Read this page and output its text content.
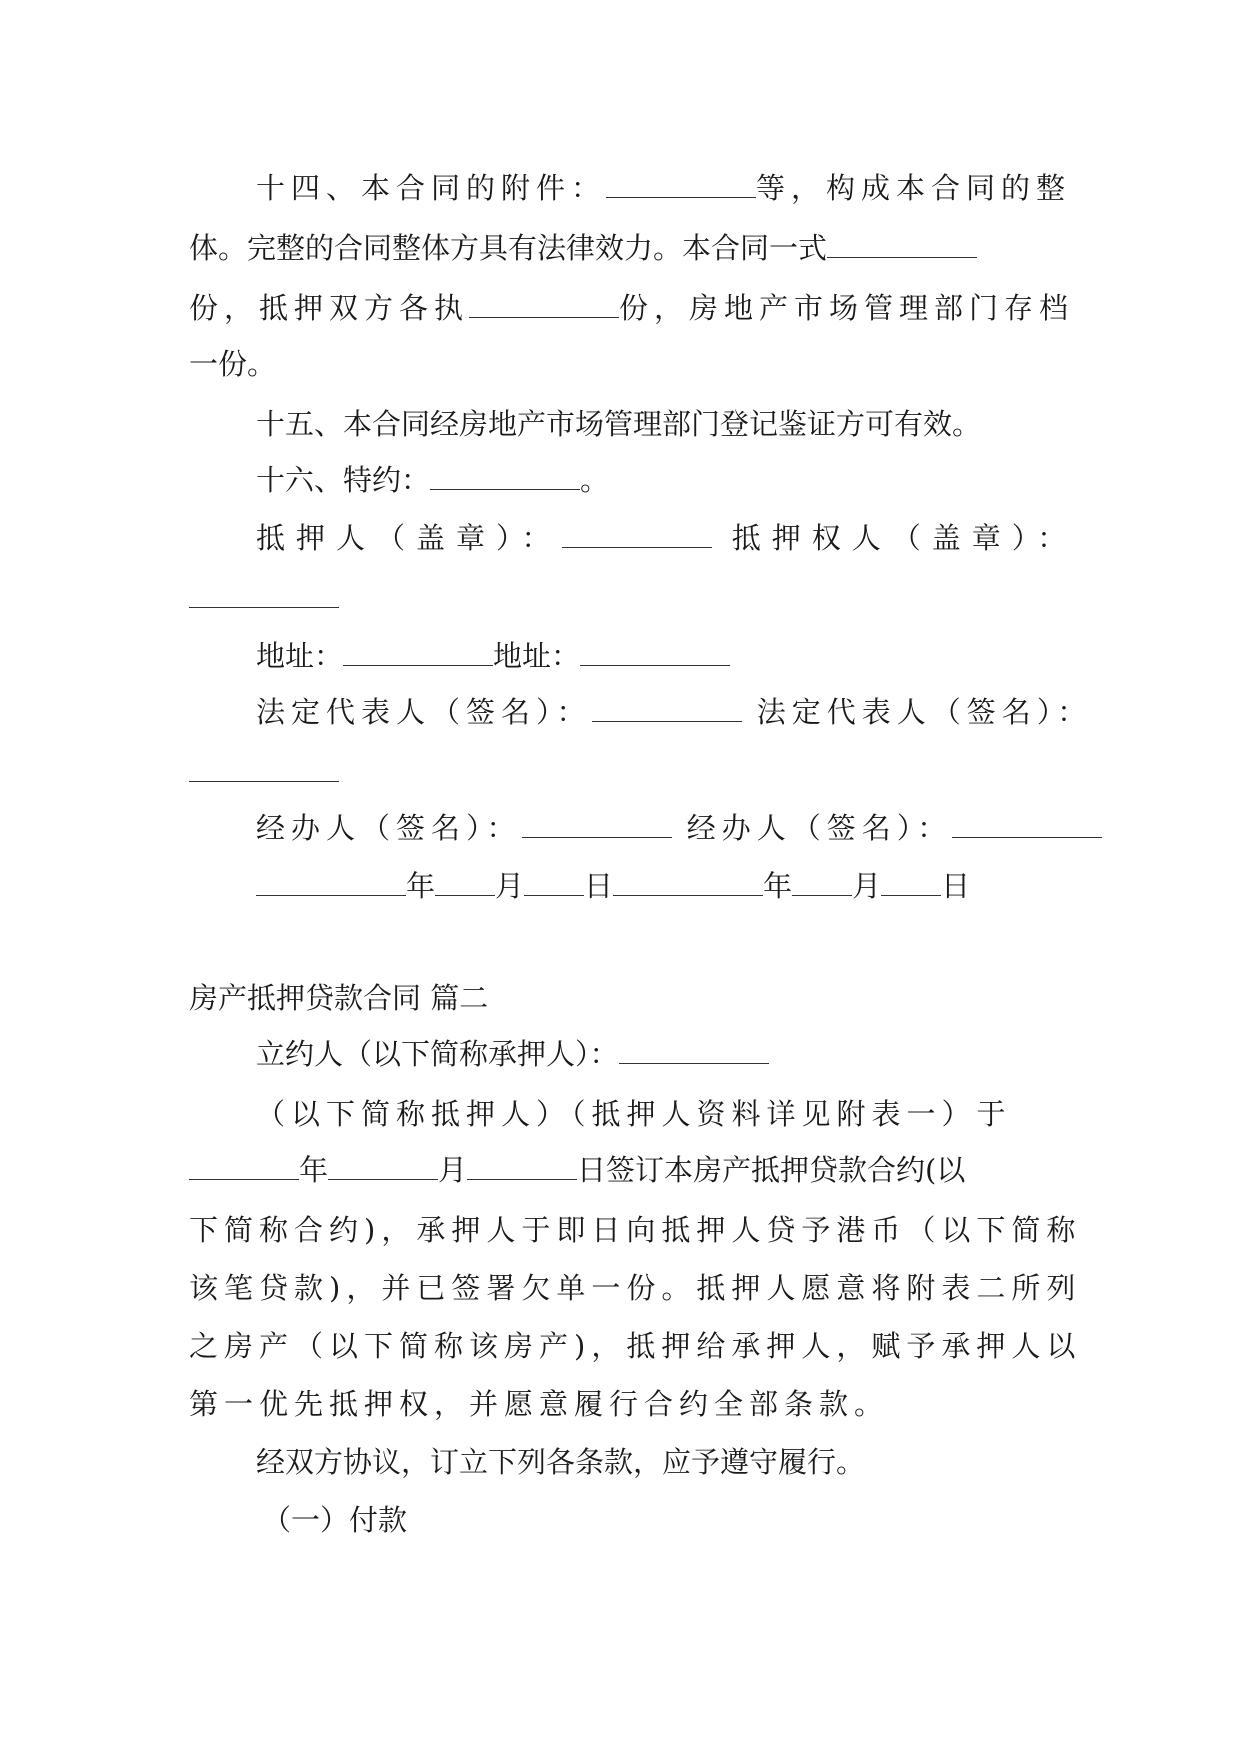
十四、本合同的附件：	等，构成本合同的整
体。完整的合同整体方具有法律效力。本合同一式
份，抵押双方各执	份，房地产市场管理部门存档
一份。
十五、本合同经房地产市场管理部门登记鉴证方可有效。
十六、特约：	。
抵押人（盖章）：	抵押权人（盖章）：
地址：	地址：
法定代表人（签名）：	法定代表人（签名）：
经办人（签名）：	经办人（签名）：
年 月 日	年 月 日
房产抵押贷款合同 篇二
立约人（以下简称承押人）：
（以下简称抵押人）（抵押人资料详见附表一）于
年	月	日签订本房产抵押贷款合约(以
下简称合约)，承押人于即日向抵押人贷予港币（以下简称
该笔贷款)，并已签署欠单一份。抵押人愿意将附表二所列
之房产（以下简称该房产)，抵押给承押人，赋予承押人以
第一优先抵押权，并愿意履行合约全部条款。
经双方协议，订立下列各条款，应予遵守履行。
（一）付款
